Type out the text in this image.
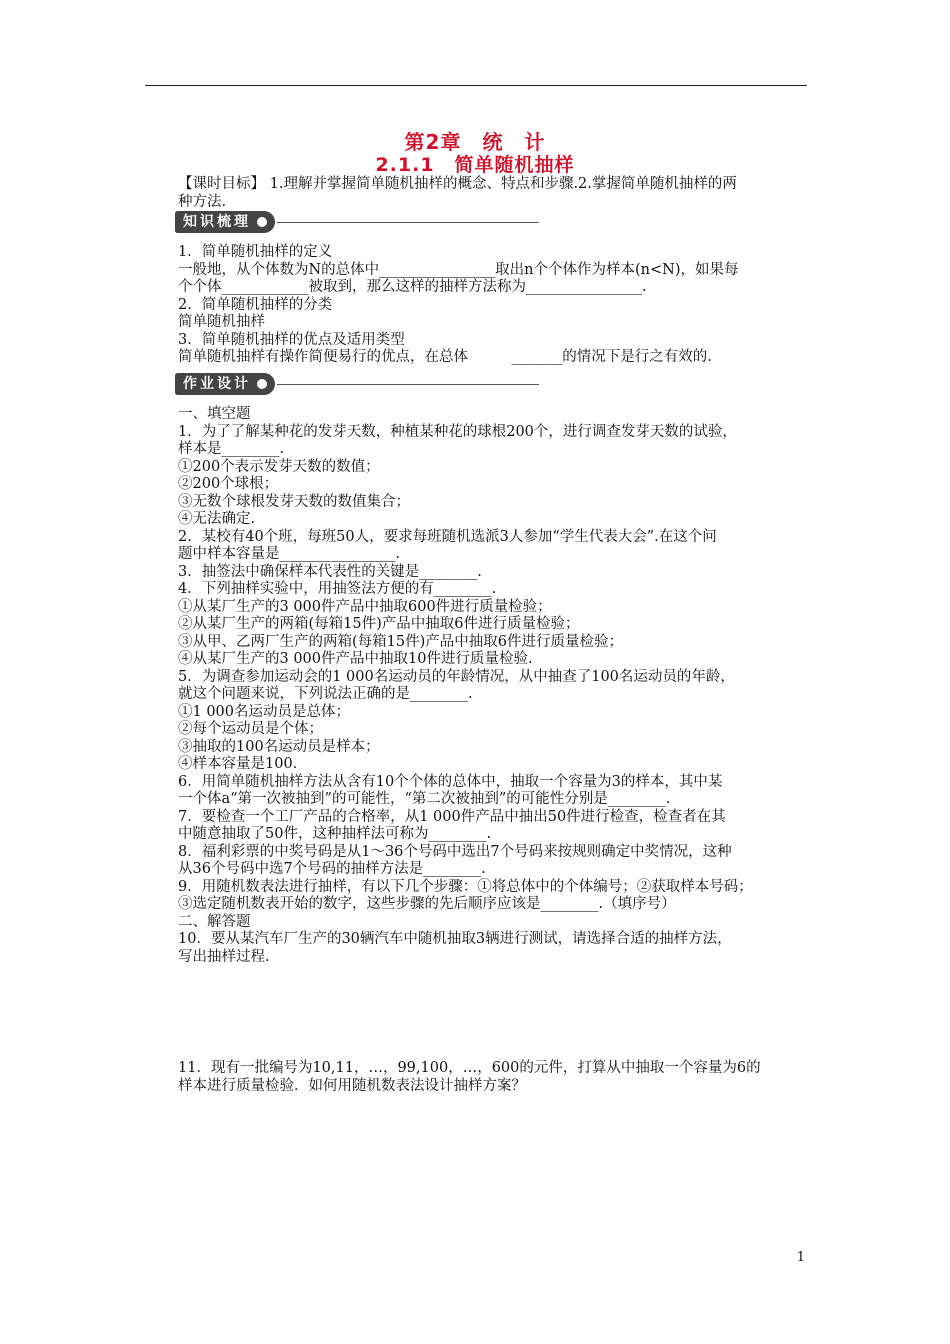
第2章　统　计
2.1.1　简单随机抽样
【课时目标】 1.理解并掌握简单随机抽样的概念、特点和步骤.2.掌握简单随机抽样的两
种方法.
知识梳理
1．简单随机抽样的定义
一般地，从个体数为N的总体中________________取出n个个体作为样本(n<N)，如果每
个个体____________被取到，那么这样的抽样方法称为________________.
2．简单随机抽样的分类
简单随机抽样
3．简单随机抽样的优点及适用类型
简单随机抽样有操作简便易行的优点，在总体　　　_______的情况下是行之有效的.
作业设计
一、填空题
1．为了了解某种花的发芽天数，种植某种花的球根200个，进行调查发芽天数的试验，
样本是________.
①200个表示发芽天数的数值；
②200个球根；
③无数个球根发芽天数的数值集合；
④无法确定.
2．某校有40个班，每班50人，要求每班随机选派3人参加“学生代表大会”.在这个问
题中样本容量是________________.
3．抽签法中确保样本代表性的关键是________.
4．下列抽样实验中，用抽签法方便的有________.
①从某厂生产的3 000件产品中抽取600件进行质量检验；
②从某厂生产的两箱(每箱15件)产品中抽取6件进行质量检验；
③从甲、乙两厂生产的两箱(每箱15件)产品中抽取6件进行质量检验；
④从某厂生产的3 000件产品中抽取10件进行质量检验.
5．为调查参加运动会的1 000名运动员的年龄情况，从中抽查了100名运动员的年龄，
就这个问题来说，下列说法正确的是________.
①1 000名运动员是总体；
②每个运动员是个体；
③抽取的100名运动员是样本；
④样本容量是100.
6．用简单随机抽样方法从含有10个个体的总体中，抽取一个容量为3的样本，其中某
一个体a“第一次被抽到”的可能性，“第二次被抽到”的可能性分别是________.
7．要检查一个工厂产品的合格率，从1 000件产品中抽出50件进行检查，检查者在其
中随意抽取了50件，这种抽样法可称为________.
8．福利彩票的中奖号码是从1～36个号码中选出7个号码来按规则确定中奖情况，这种
从36个号码中选7个号码的抽样方法是________.
9．用随机数表法进行抽样，有以下几个步骤：①将总体中的个体编号；②获取样本号码；
③选定随机数表开始的数字，这些步骤的先后顺序应该是________.（填序号）
二、解答题
10．要从某汽车厂生产的30辆汽车中随机抽取3辆进行测试，请选择合适的抽样方法，
写出抽样过程.
11．现有一批编号为10,11，…，99,100，…，600的元件，打算从中抽取一个容量为6的
样本进行质量检验．如何用随机数表法设计抽样方案？
1
